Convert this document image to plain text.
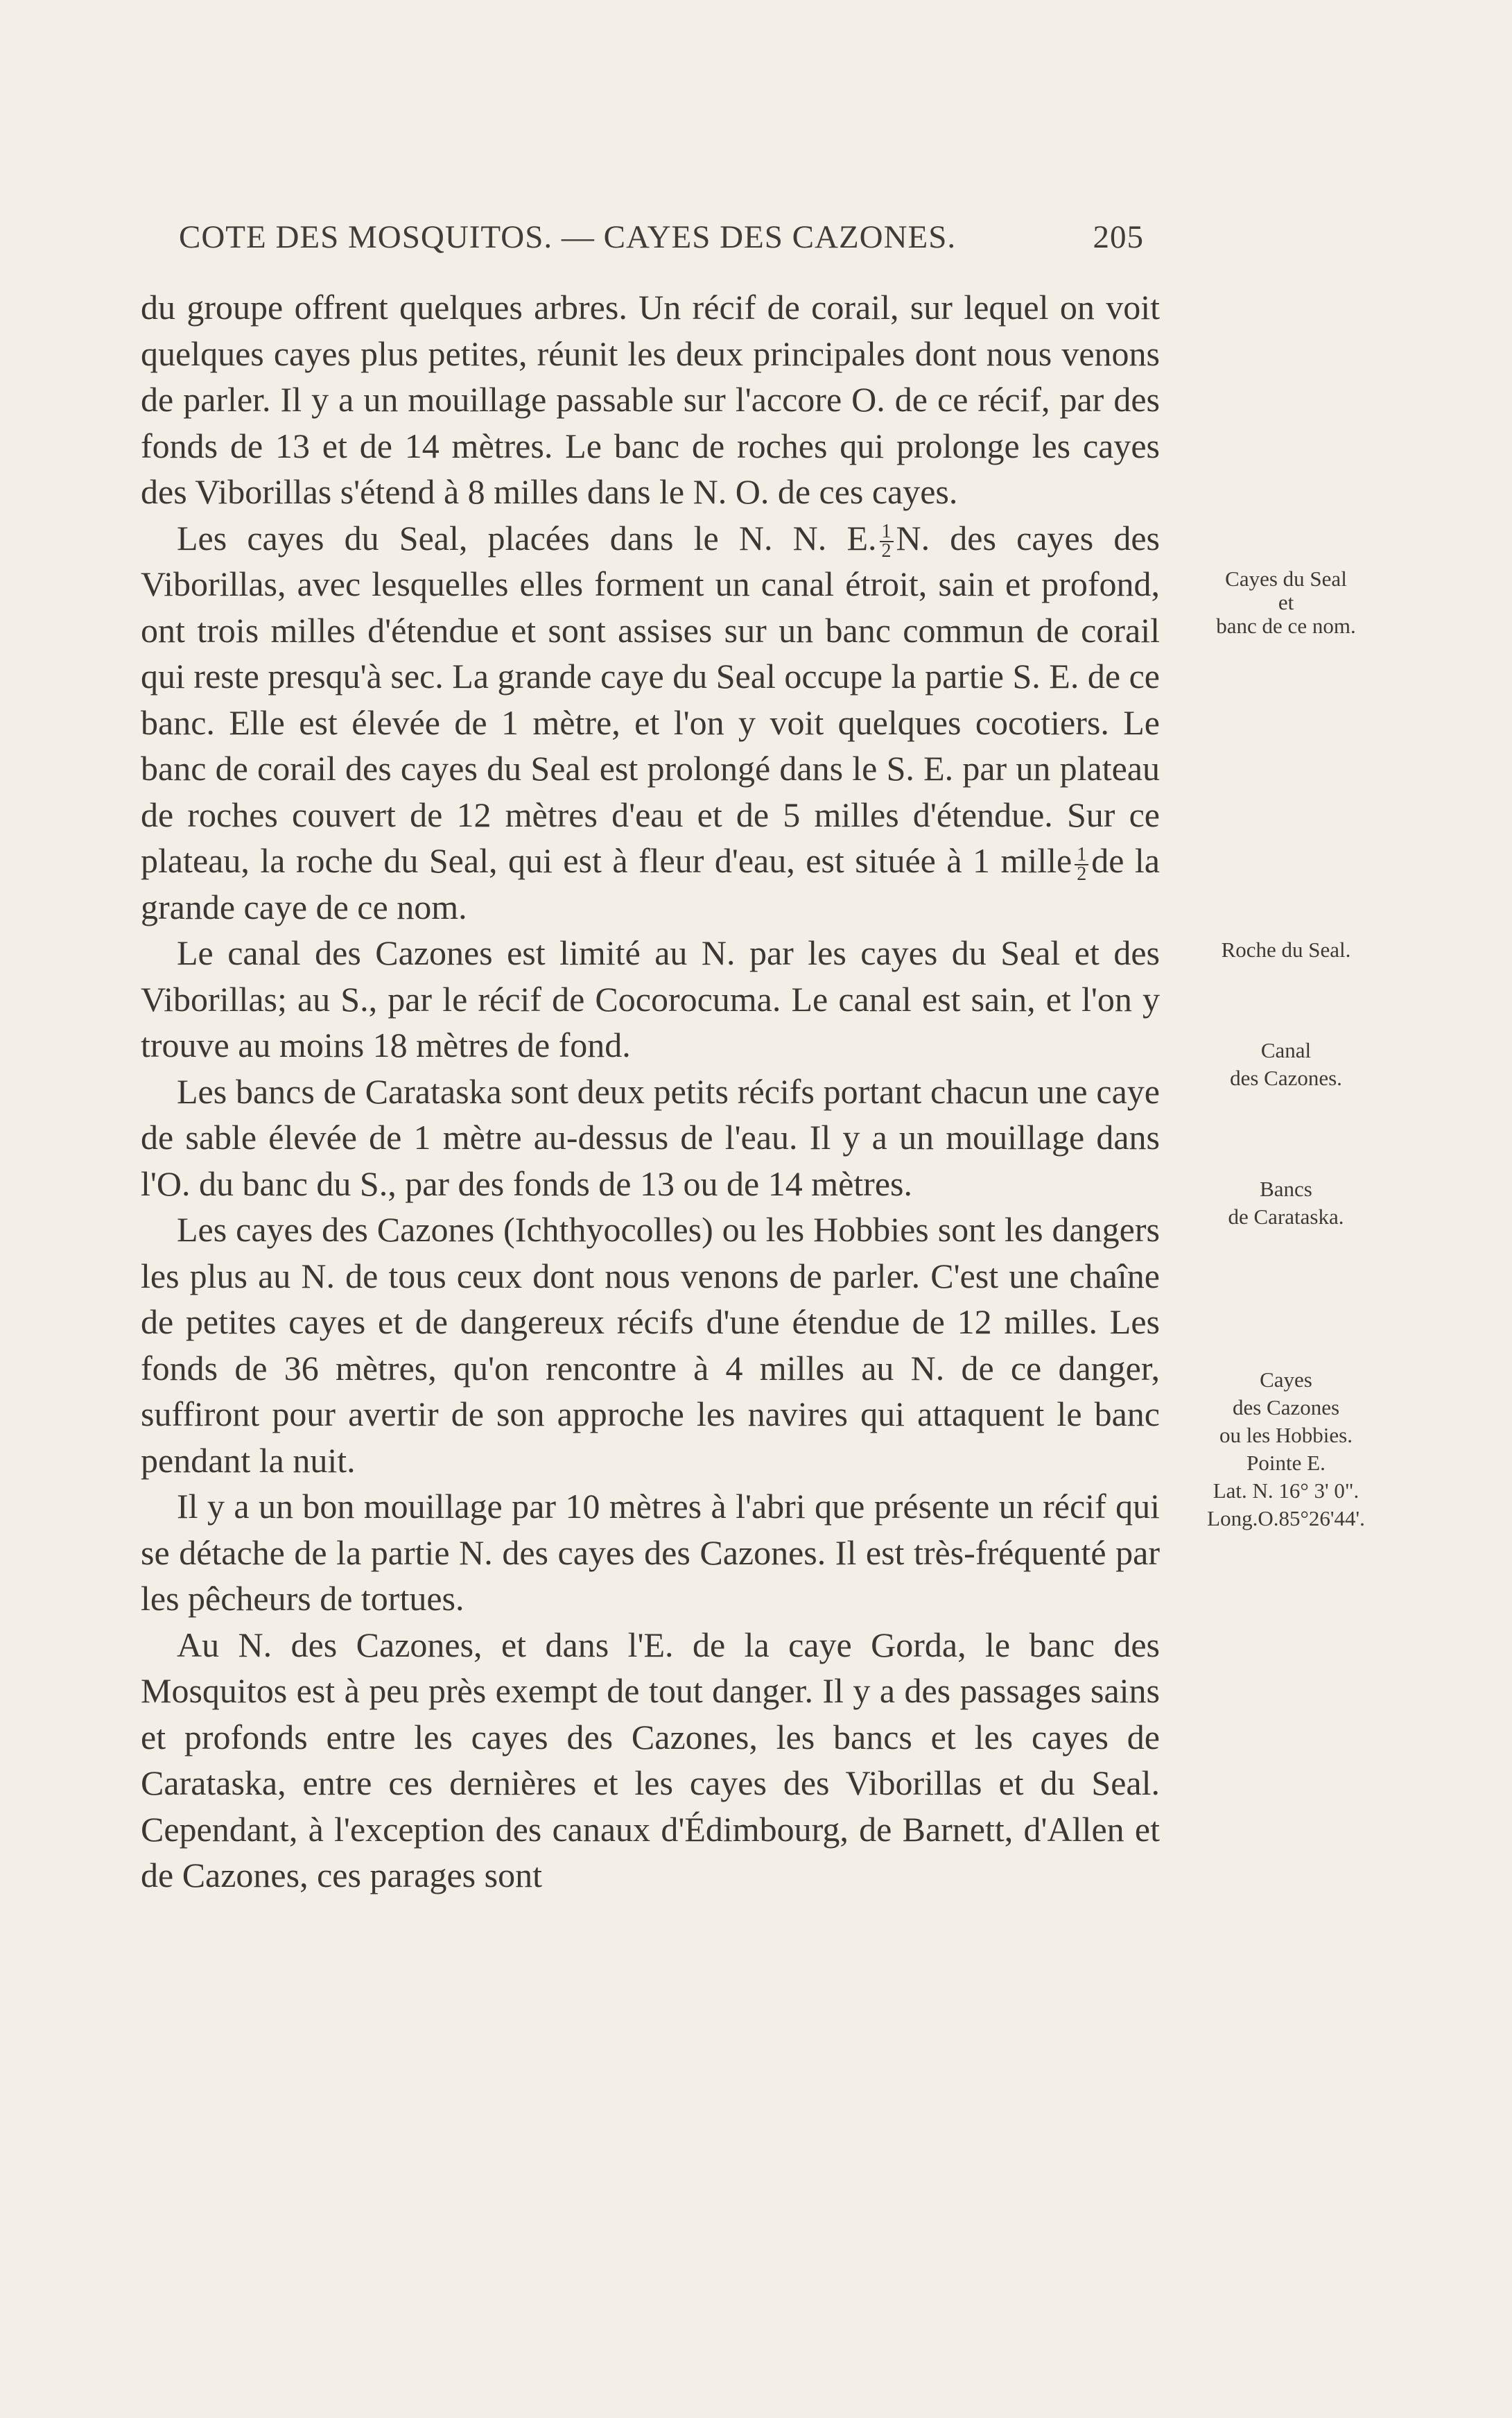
COTE DES MOSQUITOS. — CAYES DES CAZONES.	205

du groupe offrent quelques arbres. Un récif de corail, sur lequel on voit quelques cayes plus petites, réunit les deux principales dont nous venons de parler. Il y a un mouillage passable sur l'accore O. de ce récif, par des fonds de 13 et de 14 mètres. Le banc de roches qui prolonge les cayes des Viborillas s'étend à 8 milles dans le N. O. de ces cayes.

Les cayes du Seal, placées dans le N. N. E. $\frac{1}{2} N$. des cayes des Viborillas, avec lesquelles elles forment un canal étroit, sain et profond, ont trois milles d'étendue et sont assises sur un banc commun de corail qui reste presqu'à sec. La grande caye du Seal occupe la partie S. E. de ce banc. Elle est élevée de 1 mètre, et l'on y voit quelques cocotiers. Le banc de corail des cayes du Seal est prolongé dans le S. E. par un plateau de roches couvert de 12 mètres d'eau et de 5 milles d'étendue. Sur ce plateau, la roche du Seal, qui est à fleur d'eau, est située à 1 mille $\frac{1}{2}$ de la grande caye de ce nom.

Le canal des Cazones est limité au N. par les cayes du Seal et des Viborillas; au S., par le récif de Cocorocuma. Le canal est sain, et l'on y trouve au moins 18 mètres de fond.

Les bancs de Carataska sont deux petits récifs portant chacun une caye de sable élevée de 1 mètre au-dessus de l'eau. Il y a un mouillage dans l'O. du banc du S., par des fonds de 13 ou de 14 mètres.

Les cayes des Cazones (Ichthyocolles) ou les Hobbies sont les dangers les plus au N. de tous ceux dont nous venons de parler. C'est une chaîne de petites cayes et de dangereux récifs d'une étendue de 12 milles. Les fonds de 36 mètres, qu'on rencontre à 4 milles au N. de ce danger, suffiront pour avertir de son approche les navires qui attaquent le banc pendant la nuit.

Il y a un bon mouillage par 10 mètres à l'abri que présente un récif qui se détache de la partie N. des cayes des Cazones. Il est très-fréquenté par les pêcheurs de tortues.

Au N. des Cazones, et dans l'E. de la caye Gorda, le banc des Mosquitos est à peu près exempt de tout danger. Il y a des passages sains et profonds entre les cayes des Cazones, les bancs et les cayes de Carataska, entre ces dernières et les cayes des Viborillas et du Seal. Cependant, à l'exception des canaux d'Édimbourg, de Barnett, d'Allen et de Cazones, ces parages sont

Cayes du Seal
et
banc de ce nom.
Roche du Seal.
Canal
des Cazones.
Bancs
de Carataska.
Cayes
des Cazones
ou les Hobbies.
Pointe E.
Lat. N. 16° 3' 0".
Long.O.85°26'44'.
